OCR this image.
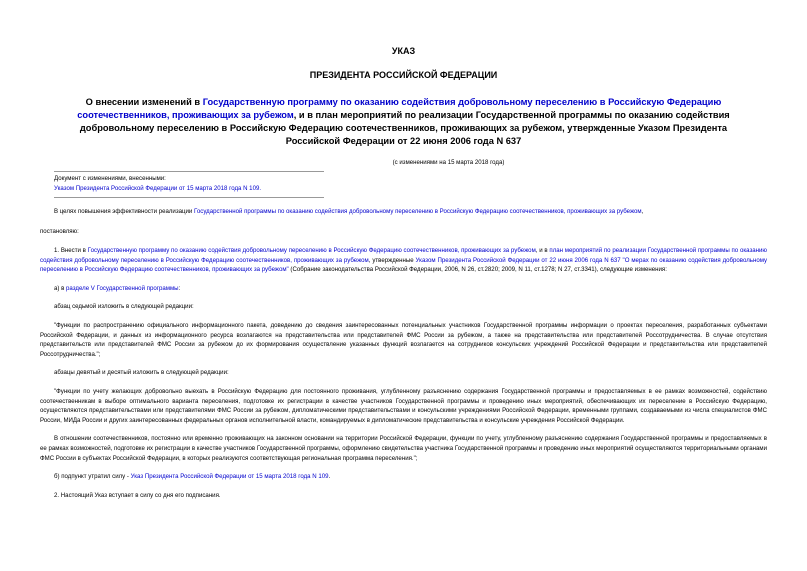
УКАЗ
ПРЕЗИДЕНТА РОССИЙСКОЙ ФЕДЕРАЦИИ
О внесении изменений в Государственную программу по оказанию содействия добровольному переселению в Российскую Федерацию соотечественников, проживающих за рубежом, и в план мероприятий по реализации Государственной программы по оказанию содействия добровольному переселению в Российскую Федерацию соотечественников, проживающих за рубежом, утвержденные Указом Президента Российской Федерации от 22 июня 2006 года N 637
(с изменениями на 15 марта 2018 года)
Документ с изменениями, внесенными:
Указом Президента Российской Федерации от 15 марта 2018 года N 109.

В целях повышения эффективности реализации Государственной программы по оказанию содействия добровольному переселению в Российскую Федерацию соотечественников, проживающих за рубежом,

постановляю:

1. Внести в Государственную программу по оказанию содействия добровольному переселению в Российскую Федерацию соотечественников, проживающих за рубежом, и в план мероприятий по реализации Государственной программы по оказанию содействия добровольному переселению в Российскую Федерацию соотечественников, проживающих за рубежом, утвержденные Указом Президента Российской Федерации от 22 июня 2006 года N 637 "О мерах по оказанию содействия добровольному переселению в Российскую Федерацию соотечественников, проживающих за рубежом" (Собрание законодательства Российской Федерации, 2006, N 26, ст.2820; 2009, N 11, ст.1278; N 27, ст.3341), следующие изменения:

а) в разделе V Государственной программы:

абзац седьмой изложить в следующей редакции:

"Функции по распространению официального информационного пакета, доведению до сведения заинтересованных потенциальных участников Государственной программы информации о проектах переселения, разработанных субъектами Российской Федерации, и данных из информационного ресурса возлагаются на представительства или представителей ФМС России за рубежом, а также на представительства или представителей Россотрудничества. В случае отсутствия представительств или представителей ФМС России за рубежом до их формирования осуществление указанных функций возлагается на сотрудников консульских учреждений Российской Федерации и представительства или представителей Россотрудничества.";

абзацы девятый и десятый изложить в следующей редакции:

"Функции по учету желающих добровольно выехать в Российскую Федерацию для постоянного проживания, углубленному разъяснению содержания Государственной программы и предоставляемых в ее рамках возможностей, содействию соотечественникам в выборе оптимального варианта переселения, подготовке их регистрации в качестве участников Государственной программы и проведению иных мероприятий, обеспечивающих их переселение в Российскую Федерацию, осуществляются представительствами или представителями ФМС России за рубежом, дипломатическими представительствами и консульскими учреждениями Российской Федерации, временными группами, создаваемыми из числа специалистов ФМС России, МИДа России и других заинтересованных федеральных органов исполнительной власти, командируемых в дипломатические представительства и консульские учреждения Российской Федерации.

В отношении соотечественников, постоянно или временно проживающих на законном основании на территории Российской Федерации, функции по учету, углубленному разъяснению содержания Государственной программы и предоставляемых в ее рамках возможностей, подготовке их регистрации в качестве участников Государственной программы, оформлению свидетельства участника Государственной программы и проведению иных мероприятий осуществляются территориальными органами ФМС России в субъектах Российской Федерации, в которых реализуются соответствующая региональная программа переселения.";

б) подпункт утратил силу - Указ Президента Российской Федерации от 15 марта 2018 года N 109.

2. Настоящий Указ вступает в силу со дня его подписания.
